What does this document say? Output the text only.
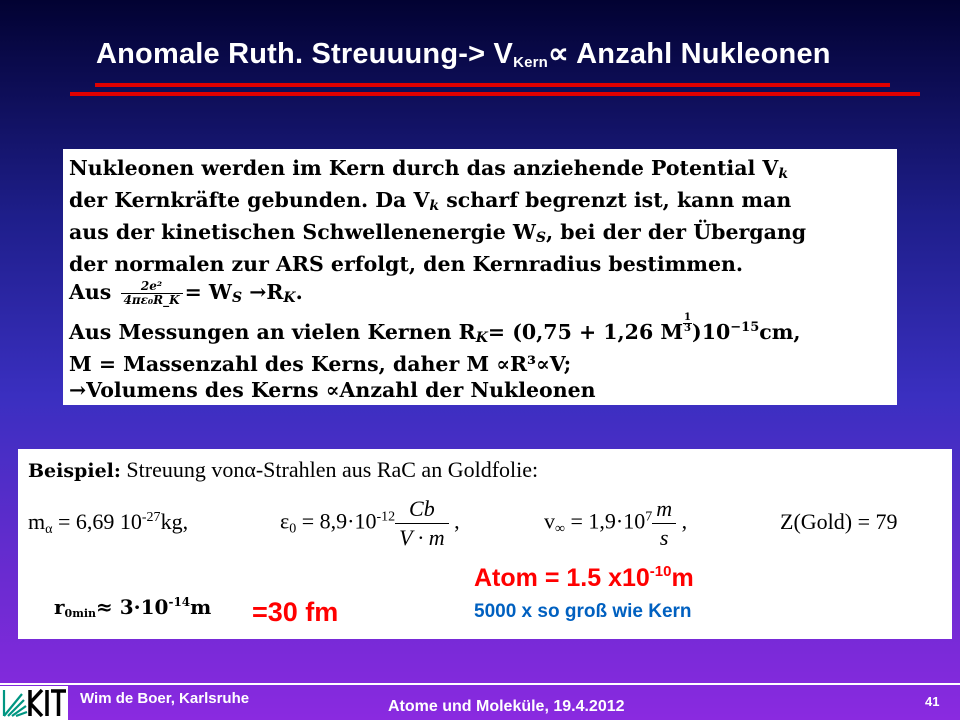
Anomale Ruth. Streuuung-> $V_{Kern}\propto$ Anzahl Nukleonen
Nukleonen werden im Kern durch das anziehende Potential Vk
der Kernkräfte gebunden. Da Vk scharf begrenzt ist, kann man
aus der kinetischen Schwellenenergie WS, bei der der Übergang
der normalen zur ARS erfolgt, den Kernradius bestimmen.
Aus $\frac{\text{2e²}}{\text{4πε₀R\_K}}$ = WS →RK.
Aus Messungen an vielen Kernen RK= (0,75 + 1,26 M $\frac{1}{3} )10^{-15}cm$,
M = Massenzahl des Kerns, daher M ∝R³∝V;
→Volumens des Kerns ∝Anzahl der Nukleonen
Beispiel: Streuung vonα-Strahlen aus RaC an Goldfolie:
$m_\alpha = 6,69$ $10^{-27}kg$,	$\varepsilon_0 = 8,9\cdot 10^{-12} \frac{Cb}{V \cdot m}$ ,	$v_\infty = 1,9\cdot 10^7 \frac{m}{s}$ ,	Z(Gold) = 79
Atom = 1.5 $x10^{-10}m$
$r_{0min}\approx 3\cdot 10^{-14}m =30$ fm	5000 x so groß wie Kern
Wim de Boer, Karlsruhe	Atome und Moleküle, 19.4.2012	41
